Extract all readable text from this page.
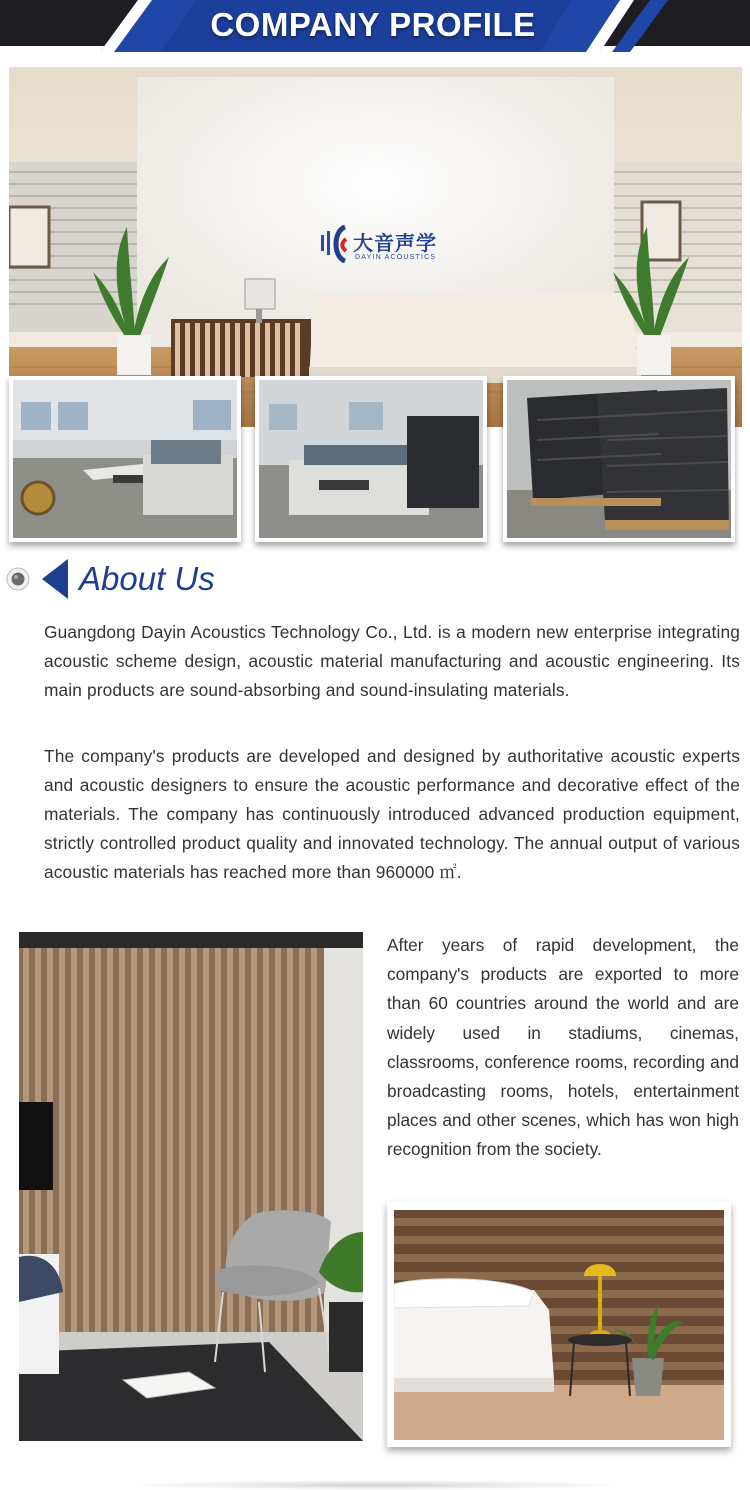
COMPANY PROFILE
大音声学
DAYIN ACOUSTICS
About Us

Guangdong Dayin Acoustics Technology Co., Ltd. is a modern new enterprise integrating acoustic scheme design, acoustic material manufacturing and acoustic engineering. Its main products are sound-absorbing and sound-insulating materials.

The company's products are developed and designed by authoritative acoustic experts and acoustic designers to ensure the acoustic performance and decorative effect of the materials. The company has continuously introduced advanced production equipment, strictly controlled product quality and innovated technology. The annual output of various acoustic materials has reached more than 960000 ㎡.

After years of rapid development, the company's products are exported to more than 60 countries around the world and are widely used in stadiums, cinemas, classrooms, conference rooms, recording and broadcasting rooms, hotels, entertainment places and other scenes, which has won high recognition from the society.
